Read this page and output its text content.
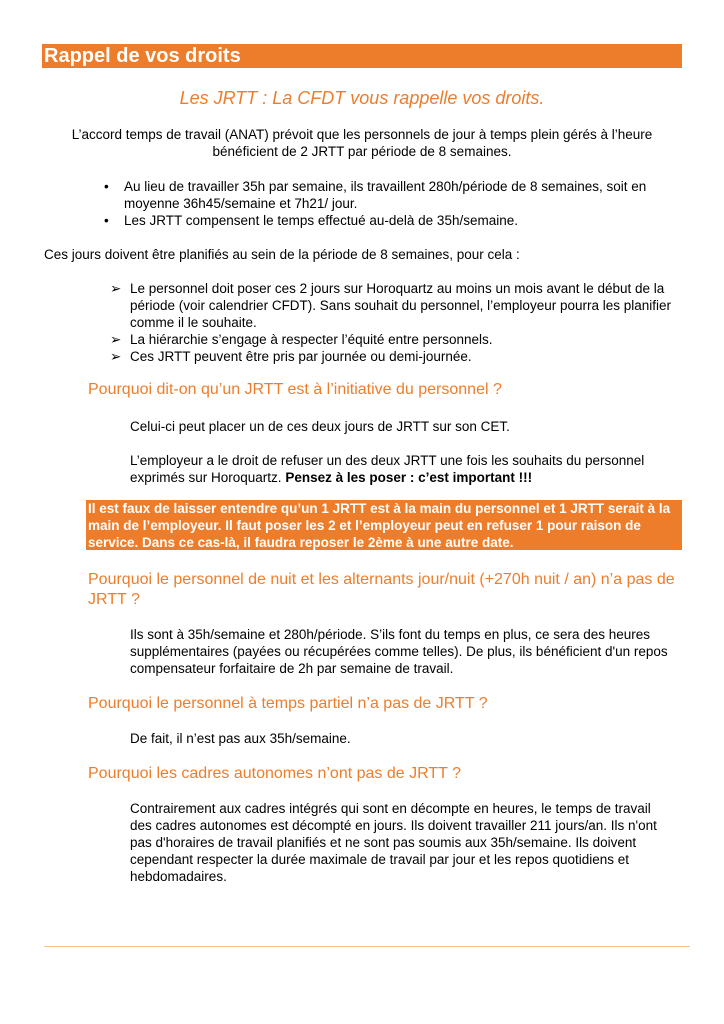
Rappel de vos droits
Les JRTT : La CFDT vous rappelle vos droits.
L’accord temps de travail (ANAT) prévoit que les personnels de jour à temps plein gérés à l’heure bénéficient de 2 JRTT par période de 8 semaines.
• Au lieu de travailler 35h par semaine, ils travaillent 280h/période de 8 semaines, soit en moyenne 36h45/semaine et 7h21/ jour.
• Les JRTT compensent le temps effectué au-delà de 35h/semaine.
Ces jours doivent être planifiés au sein de la période de 8 semaines, pour cela :
➢ Le personnel doit poser ces 2 jours sur Horoquartz au moins un mois avant le début de la période (voir calendrier CFDT). Sans souhait du personnel, l’employeur pourra les planifier comme il le souhaite.
➢ La hiérarchie s’engage à respecter l’équité entre personnels.
➢ Ces JRTT peuvent être pris par journée ou demi-journée.
Pourquoi dit-on qu’un JRTT est à l’initiative du personnel ?
Celui-ci peut placer un de ces deux jours de JRTT sur son CET.
L’employeur a le droit de refuser un des deux JRTT une fois les souhaits du personnel exprimés sur Horoquartz. Pensez à les poser : c’est important !!!
Il est faux de laisser entendre qu’un 1 JRTT est à la main du personnel et 1 JRTT serait à la main de l’employeur. Il faut poser les 2 et l’employeur peut en refuser 1 pour raison de service. Dans ce cas-là, il faudra reposer le 2ème à une autre date.
Pourquoi le personnel de nuit et les alternants jour/nuit (+270h nuit / an) n’a pas de JRTT ?
Ils sont à 35h/semaine et 280h/période. S’ils font du temps en plus, ce sera des heures supplémentaires (payées ou récupérées comme telles). De plus, ils bénéficient d'un repos compensateur forfaitaire de 2h par semaine de travail.
Pourquoi le personnel à temps partiel n’a pas de JRTT ?
De fait, il n’est pas aux 35h/semaine.
Pourquoi les cadres autonomes n’ont pas de JRTT ?
Contrairement aux cadres intégrés qui sont en décompte en heures, le temps de travail des cadres autonomes est décompté en jours. Ils doivent travailler 211 jours/an. Ils n'ont pas d'horaires de travail planifiés et ne sont pas soumis aux 35h/semaine. Ils doivent cependant respecter la durée maximale de travail par jour et les repos quotidiens et hebdomadaires.
